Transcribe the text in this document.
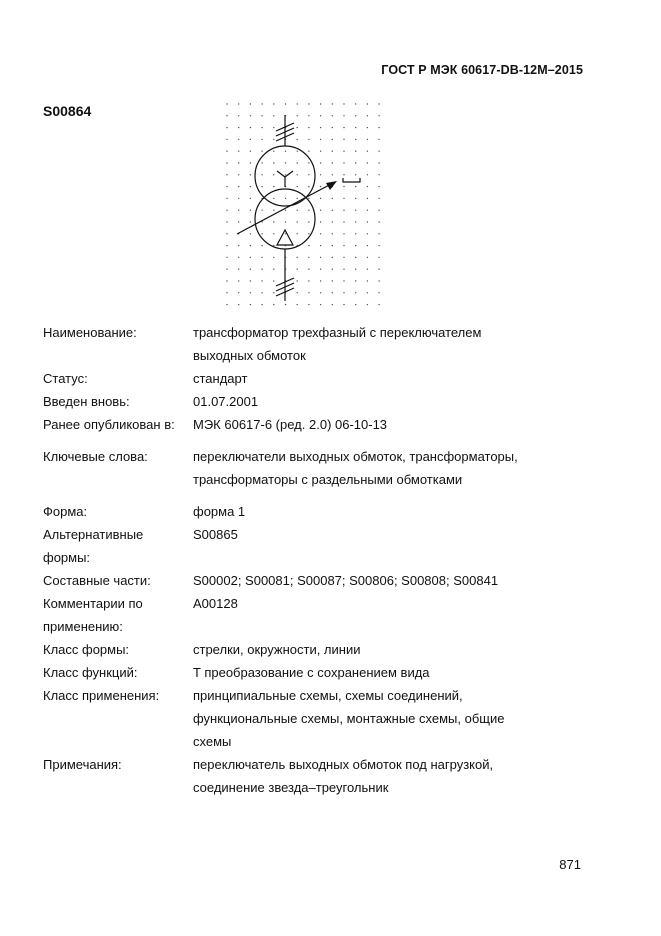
ГОСТ Р МЭК 60617-DB-12M–2015
S00864
Наименование:	трансформатор трехфазный с переключателем
выходных обмоток
Статус:	стандарт
Введен вновь:	01.07.2001
Ранее опубликован в:	МЭК 60617-6 (ред. 2.0) 06-10-13
Ключевые слова:	переключатели выходных обмоток, трансформаторы,
трансформаторы с раздельными обмотками
Форма:	форма 1
Альтернативные формы:
S00865
Составные части:	S00002; S00081; S00087; S00806; S00808; S00841
Комментарии по применению:
A00128
Класс формы:	стрелки, окружности, линии
Класс функций:	T преобразование с сохранением вида
Класс применения:	принципиальные схемы, схемы соединений,
функциональные схемы, монтажные схемы, общие
схемы
Примечания:	переключатель выходных обмоток под нагрузкой,
соединение звезда–треугольник
871
